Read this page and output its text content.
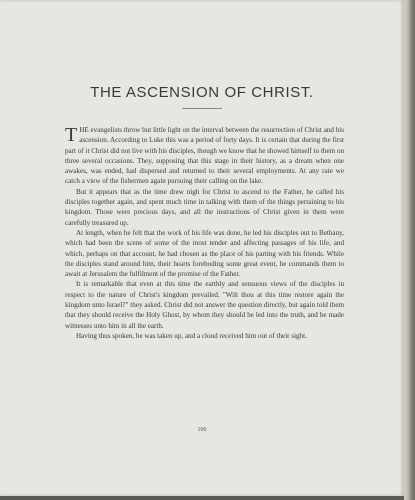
THE ASCENSION OF CHRIST.

THE evangelists throw but little light on the interval between the resurrection of Christ and his ascension. According to Luke this was a period of forty days. It is certain that during the first part of it Christ did not live with his disciples, though we know that he showed himself to them on three several occasions. They, supposing that this stage in their history, as a dream when one awakes, was ended, had dispersed and returned to their several employments. At any rate we catch a view of the fishermen again pursuing their calling on the lake.

But it appears that as the time drew nigh for Christ to ascend to the Father, he called his disciples together again, and spent much time in talking with them of the things pertaining to his kingdom. Those were precious days, and all the instructions of Christ given in them were carefully treasured up.

At length, when he felt that the work of his life was done, he led his disciples out to Bethany, which had been the scene of some of the most tender and affecting passages of his life, and which, perhaps on that account, he had chosen as the place of his parting with his friends. While the disciples stand around him, their hearts foreboding some great event, he commands them to await at Jerusalem the fulfilment of the promise of the Father.

It is remarkable that even at this time the earthly and sensuous views of the disciples in respect to the nature of Christ's kingdom prevailed. "Wilt thou at this time restore again the kingdom unto Israel?" they asked. Christ did not answer the question directly, but again told them that they should receive the Holy Ghost, by whom they should be led into the truth, and be made witnesses unto him in all the earth.

Having thus spoken, he was taken up, and a cloud received him out of their sight.

100
